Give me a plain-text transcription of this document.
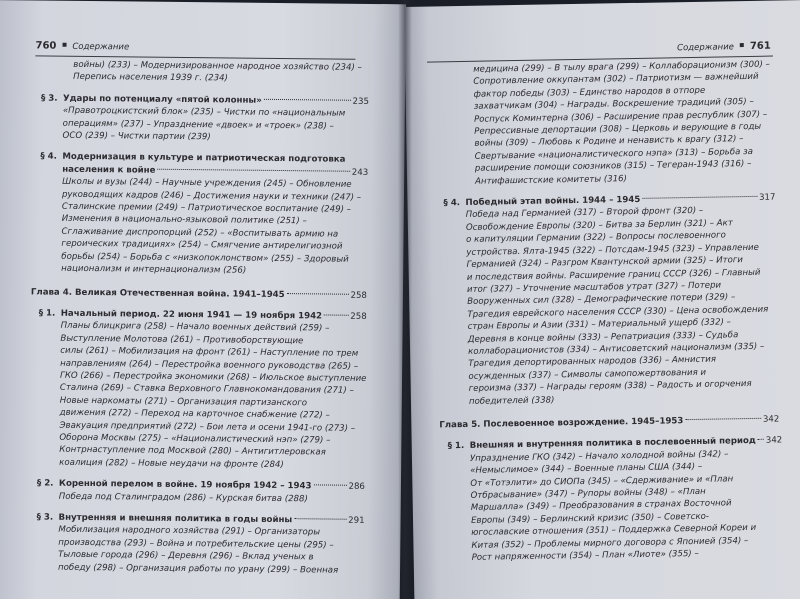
760 Содержание

войны) (233) – Модернизированное народное хозяйство (234) –

Перепись населения 1939 г. (234)

§ 3. Удары по потенциалу «пятой колонны»	235

«Правотроцкистский блок» (235) – Чистки по «национальным

операциям» (237) – Упразднение «двоек» и «троек» (238) –

ОСО (239) – Чистки партии (239)

§ 4. Модернизация в культуре и патриотическая подготовка
населения к войне	243

Школы и вузы (244) – Научные учреждения (245) – Обновление

руководящих кадров (246) – Достижения науки и техники (247) –

Сталинские премии (249) – Патриотическое воспитание (249) –

Изменения в национально-языковой политике (251) –

Сглаживание диспропорций (252) – «Воспитывать армию на

героических традициях» (254) – Смягчение антирелигиозной

борьбы (254) – Борьба с «низкопоклонством» (255) – Здоровый

национализм и интернационализм (256)

Глава 4. Великая Отечественная война. 1941–1945	258
§ 1. Начальный период. 22 июня 1941 — 19 ноября 1942	258

Планы блицкрига (258) – Начало военных действий (259) –

Выступление Молотова (261) – Противоборствующие

силы (261) – Мобилизация на фронт (261) – Наступление по трем

направлениям (264) – Перестройка военного руководства (265) –

ГКО (266) – Перестройка экономики (268) – Июльское выступление

Сталина (269) – Ставка Верховного Главнокомандования (271) –

Новые наркоматы (271) – Организация партизанского

движения (272) – Переход на карточное снабжение (272) –

Эвакуация предприятий (272) – Бои лета и осени 1941-го (273) –

Оборона Москвы (275) – «Националистический нэп» (279) –

Контрнаступление под Москвой (280) – Антигитлеровская

коалиция (282) – Новые неудачи на фронте (284)

§ 2. Коренной перелом в войне. 19 ноября 1942 – 1943	286

Победа под Сталинградом (286) – Курская битва (288)

§ 3. Внутренняя и внешняя политика в годы войны	291

Мобилизация народного хозяйства (291) – Организаторы

производства (293) – Война и потребительские цены (295) –

Тыловые города (296) – Деревня (296) – Вклад ученых в

победу (298) – Организация работы по урану (299) – Военная

Содержание 761

медицина (299) – В тылу врага (299) – Коллаборационизм (300) –

Сопротивление оккупантам (302) – Патриотизм — важнейший

фактор победы (303) – Единство народов в отпоре

захватчикам (304) – Награды. Воскрешение традиций (305) –

Роспуск Коминтерна (306) – Расширение прав республик (307) –

Репрессивные депортации (308) – Церковь и верующие в годы

войны (309) – Любовь к Родине и ненависть к врагу (312) –

Свертывание «националистического нэпа» (313) – Борьба за

расширение помощи союзников (315) – Тегеран-1943 (316) –

Антифашистские комитеты (316)

§ 4. Победный этап войны. 1944 – 1945	317

Победа над Германией (317) – Второй фронт (320) –

Освобождение Европы (320) – Битва за Берлин (321) – Акт

о капитуляции Германии (322) – Вопросы послевоенного

устройства. Ялта-1945 (322) – Потсдам-1945 (323) – Управление

Германией (324) – Разгром Квантунской армии (325) – Итоги

и последствия войны. Расширение границ СССР (326) – Главный

итог (327) – Уточнение масштабов утрат (327) – Потери

Вооруженных сил (328) – Демографические потери (329) –

Трагедия еврейского населения СССР (330) – Цена освобождения

стран Европы и Азии (331) – Материальный ущерб (332) –

Деревня в конце войны (333) – Репатриация (333) – Судьба

коллаборационистов (334) – Антисоветский национализм (335) –

Трагедия депортированных народов (336) – Амнистия

осужденных (337) – Символы самопожертвования и

героизма (337) – Награды героям (338) – Радость и огорчения

победителей (338)

Глава 5. Послевоенное возрождение. 1945–1953	342
§ 1. Внешняя и внутренняя политика в послевоенный период 342

Упразднение ГКО (342) – Начало холодной войны (342) –

«Немыслимое» (344) – Военные планы США (344) –

От «Тотэлити» до СИОПа (345) – «Сдерживание» и «План

Отбрасывание» (347) – Рупоры войны (348) – «План

Маршалла» (349) – Преобразования в странах Восточной

Европы (349) – Берлинский кризис (350) – Советско-

югославские отношения (351) – Поддержка Северной Кореи и

Китая (352) – Проблемы мирного договора с Японией (354) –

Рост напряженности (354) – План «Лиоте» (355) –
